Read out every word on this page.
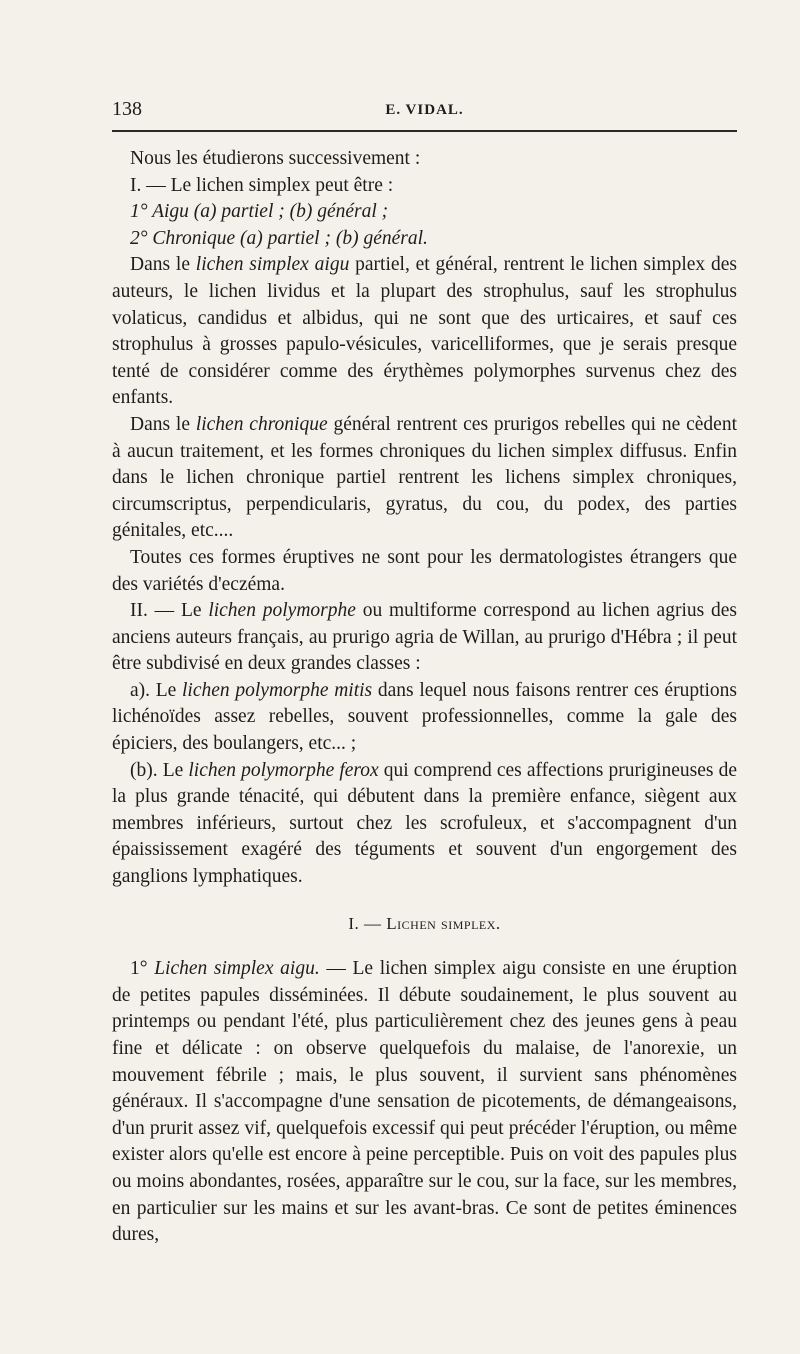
138	E. VIDAL.

Nous les étudierons successivement :

I. — Le lichen simplex peut être :

1° Aigu (a) partiel ; (b) général ;

2° Chronique (a) partiel ; (b) général.

Dans le lichen simplex aigu partiel, et général, rentrent le lichen simplex des auteurs, le lichen lividus et la plupart des strophulus, sauf les strophulus volaticus, candidus et albidus, qui ne sont que des urticaires, et sauf ces strophulus à grosses papulo-vésicules, varicelliformes, que je serais presque tenté de considérer comme des érythèmes polymorphes survenus chez des enfants.

Dans le lichen chronique général rentrent ces prurigos rebelles qui ne cèdent à aucun traitement, et les formes chroniques du lichen simplex diffusus. Enfin dans le lichen chronique partiel rentrent les lichens simplex chroniques, circumscriptus, perpendicularis, gyratus, du cou, du podex, des parties génitales, etc....

Toutes ces formes éruptives ne sont pour les dermatologistes étrangers que des variétés d'eczéma.

II. — Le lichen polymorphe ou multiforme correspond au lichen agrius des anciens auteurs français, au prurigo agria de Willan, au prurigo d'Hébra ; il peut être subdivisé en deux grandes classes :

a). Le lichen polymorphe mitis dans lequel nous faisons rentrer ces éruptions lichénoïdes assez rebelles, souvent professionnelles, comme la gale des épiciers, des boulangers, etc... ;

(b). Le lichen polymorphe ferox qui comprend ces affections prurigineuses de la plus grande ténacité, qui débutent dans la première enfance, siègent aux membres inférieurs, surtout chez les scrofuleux, et s'accompagnent d'un épaississement exagéré des téguments et souvent d'un engorgement des ganglions lymphatiques.

I. — Lichen simplex.

1° Lichen simplex aigu. — Le lichen simplex aigu consiste en une éruption de petites papules disséminées. Il débute soudainement, le plus souvent au printemps ou pendant l'été, plus particulièrement chez des jeunes gens à peau fine et délicate : on observe quelquefois du malaise, de l'anorexie, un mouvement fébrile ; mais, le plus souvent, il survient sans phénomènes généraux. Il s'accompagne d'une sensation de picotements, de démangeaisons, d'un prurit assez vif, quelquefois excessif qui peut précéder l'éruption, ou même exister alors qu'elle est encore à peine perceptible. Puis on voit des papules plus ou moins abondantes, rosées, apparaître sur le cou, sur la face, sur les membres, en particulier sur les mains et sur les avant-bras. Ce sont de petites éminences dures,
